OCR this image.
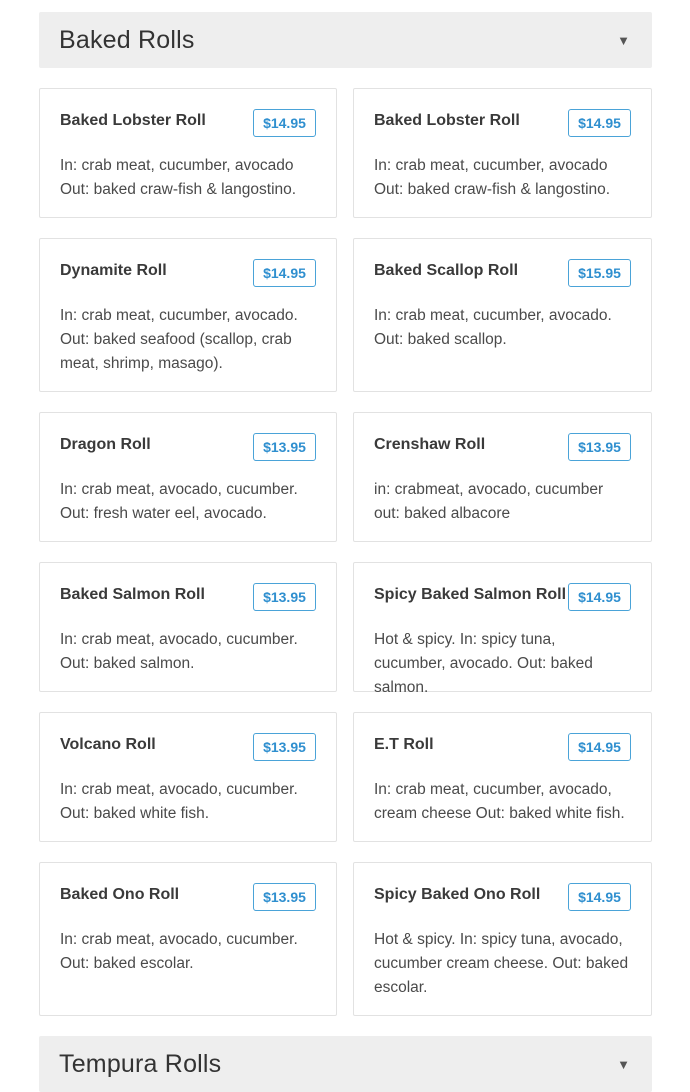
Baked Rolls	▼
Baked Lobster Roll	$14.95
In: crab meat, cucumber, avocado Out: baked craw-fish & langostino.
Baked Lobster Roll	$14.95
In: crab meat, cucumber, avocado Out: baked craw-fish & langostino.
Dynamite Roll	$14.95
In: crab meat, cucumber, avocado. Out: baked seafood (scallop, crab meat, shrimp, masago).
Baked Scallop Roll	$15.95
In: crab meat, cucumber, avocado. Out: baked scallop.
Dragon Roll	$13.95
In: crab meat, avocado, cucumber. Out: fresh water eel, avocado.
Crenshaw Roll	$13.95
in: crabmeat, avocado, cucumber out: baked albacore
Baked Salmon Roll	$13.95
In: crab meat, avocado, cucumber. Out: baked salmon.
Spicy Baked Salmon Roll $14.95
Hot & spicy. In: spicy tuna, cucumber, avocado. Out: baked salmon.
Volcano Roll	$13.95
In: crab meat, avocado, cucumber. Out: baked white fish.
E.T Roll	$14.95
In: crab meat, cucumber, avocado, cream cheese Out: baked white fish.
Baked Ono Roll	$13.95
In: crab meat, avocado, cucumber. Out: baked escolar.
Spicy Baked Ono Roll	$14.95
Hot & spicy. In: spicy tuna, avocado, cucumber cream cheese. Out: baked escolar.
Tempura Rolls	▼
